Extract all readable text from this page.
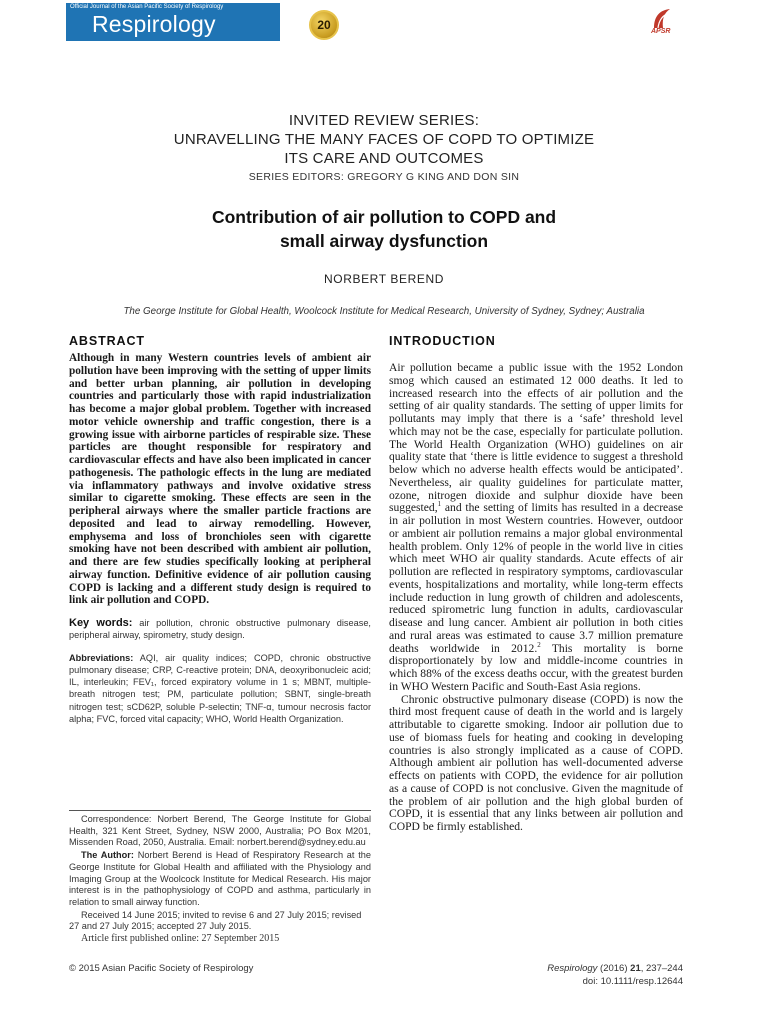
Official Journal of the Asian Pacific Society of Respirology
Respirology	20	APSR
INVITED REVIEW SERIES:
UNRAVELLING THE MANY FACES OF COPD TO OPTIMIZE
ITS CARE AND OUTCOMES
SERIES EDITORS: GREGORY G KING AND DON SIN
Contribution of air pollution to COPD and
small airway dysfunction
NORBERT BEREND
The George Institute for Global Health, Woolcock Institute for Medical Research, University of Sydney, Sydney; Australia
ABSTRACT

Although in many Western countries levels of ambient air pollution have been improving with the setting of upper limits and better urban planning, air pollution in developing countries and particularly those with rapid industrialization has become a major global problem. Together with increased motor vehicle ownership and traffic congestion, there is a growing issue with airborne particles of respirable size. These particles are thought responsible for respiratory and cardiovascular effects and have also been implicated in cancer pathogenesis. The pathologic effects in the lung are mediated via inflammatory pathways and involve oxidative stress similar to cigarette smoking. These effects are seen in the peripheral airways where the smaller particle fractions are deposited and lead to airway remodelling. However, emphysema and loss of bronchioles seen with cigarette smoking have not been described with ambient air pollution, and there are few studies specifically looking at peripheral airway function. Definitive evidence of air pollution causing COPD is lacking and a different study design is required to link air pollution and COPD.

Key words: air pollution, chronic obstructive pulmonary disease, peripheral airway, spirometry, study design.

Abbreviations: AQI, air quality indices; COPD, chronic obstructive pulmonary disease; CRP, C-reactive protein; DNA, deoxyribonucleic acid; IL, interleukin; FEV₁, forced expiratory volume in 1 s; MBNT, multiple-breath nitrogen test; PM, particulate pollution; SBNT, single-breath nitrogen test; sCD62P, soluble P-selectin; TNF-α, tumour necrosis factor alpha; FVC, forced vital capacity; WHO, World Health Organization.

Correspondence: Norbert Berend, The George Institute for Global Health, 321 Kent Street, Sydney, NSW 2000, Australia; PO Box M201, Missenden Road, 2050, Australia. Email: norbert.berend@sydney.edu.au

The Author: Norbert Berend is Head of Respiratory Research at the George Institute for Global Health and affiliated with the Physiology and Imaging Group at the Woolcock Institute for Medical Research. His major interest is in the pathophysiology of COPD and asthma, particularly in relation to small airway function.

Received 14 June 2015; invited to revise 6 and 27 July 2015; revised 27 and 27 July 2015; accepted 27 July 2015.

Article first published online: 27 September 2015

INTRODUCTION

Air pollution became a public issue with the 1952 London smog which caused an estimated 12 000 deaths. It led to increased research into the effects of air pollution and the setting of air quality standards. The setting of upper limits for pollutants may imply that there is a ‘safe’ threshold level which may not be the case, especially for particulate pollution. The World Health Organization (WHO) guidelines on air quality state that ‘there is little evidence to suggest a threshold below which no adverse health effects would be anticipated’. Nevertheless, air quality guidelines for particulate matter, ozone, nitrogen dioxide and sulphur dioxide have been suggested,$^1$ and the setting of limits has resulted in a decrease in air pollution in most Western countries. However, outdoor or ambient air pollution remains a major global environmental health problem. Only 12% of people in the world live in cities which meet WHO air quality standards. Acute effects of air pollution are reflected in respiratory symptoms, cardiovascular events, hospitalizations and mortality, while long-term effects include reduction in lung growth of children and adolescents, reduced spirometric lung function in adults, cardiovascular disease and lung cancer. Ambient air pollution in both cities and rural areas was estimated to cause 3.7 million premature deaths worldwide in 2012.$^2$ This mortality is borne disproportionately by low and middle-income countries in which 88% of the excess deaths occur, with the greatest burden in WHO Western Pacific and South-East Asia regions.

Chronic obstructive pulmonary disease (COPD) is now the third most frequent cause of death in the world and is largely attributable to cigarette smoking. Indoor air pollution due to use of biomass fuels for heating and cooking in developing countries is also strongly implicated as a cause of COPD. Although ambient air pollution has well-documented adverse effects on patients with COPD, the evidence for air pollution as a cause of COPD is not conclusive. Given the magnitude of the problem of air pollution and the high global burden of COPD, it is essential that any links between air pollution and COPD be firmly established.

© 2015 Asian Pacific Society of Respirology	Respirology (2016) 21, 237–244
doi: 10.1111/resp.12644
